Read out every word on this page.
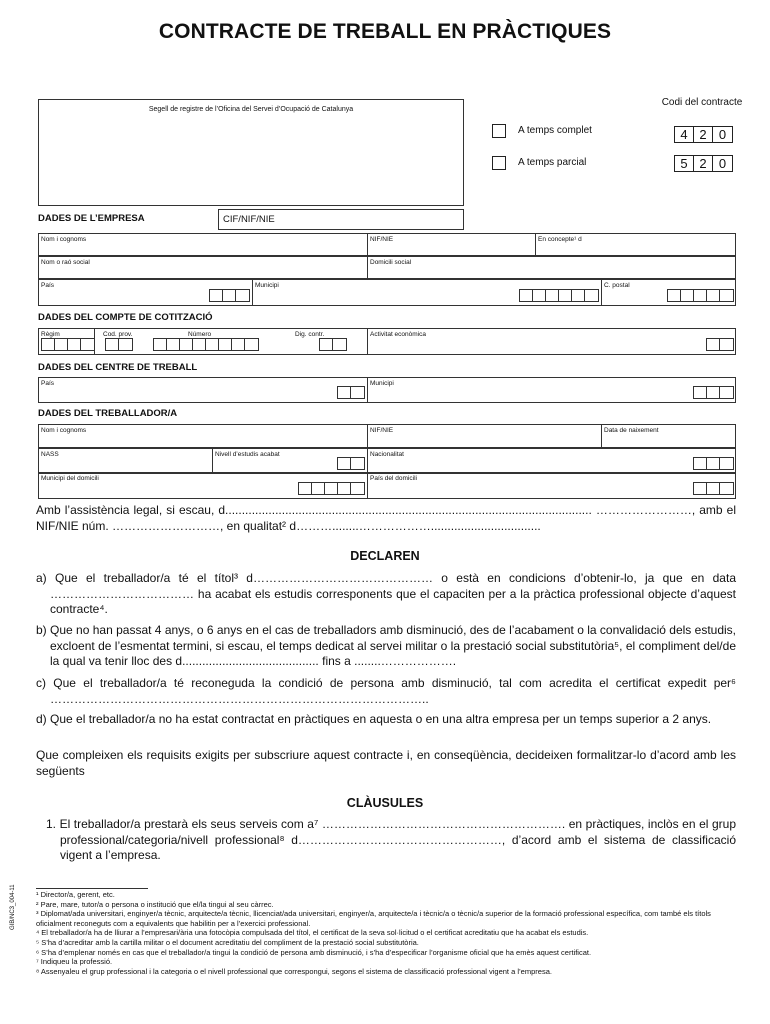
CONTRACTE DE TREBALL EN PRÀCTIQUES
Segell de registre de l’Oficina del Servei d’Ocupació de Catalunya
Codi del contracte
A temps complet	4 2 0
A temps parcial	5 2 0
DADES DE L’EMPRESA	CIF/NIF/NIE
Nom i cognoms	NIF/NIE	En concepte¹ d
Nom o raó social	Domicili social
País	Municipi	C. postal
DADES DEL COMPTE DE COTITZACIÓ
Règim	Cod. prov.	Número	Dig. contr.	Activitat econòmica
DADES DEL CENTRE DE TREBALL
País	Municipi
DADES DEL TREBALLADOR/A
Nom i cognoms	NIF/NIE	Data de naixement
NASS	Nivell d’estudis acabat	Nacionalitat
Municipi del domicili	País del domicili
Amb l’assistència legal, si escau, d.............................................................................................................. ……………………, amb el NIF/NIE núm. ………………………, en qualitat² d………........……………….................................
DECLAREN
a) Que el treballador/a té el títol³ d……………………………………… o està en condicions d’obtenir-lo, ja que en data ……………………………… ha acabat els estudis corresponents que el capaciten per a la pràctica professional objecte d’aquest contracte⁴.
b) Que no han passat 4 anys, o 6 anys en el cas de treballadors amb disminució, des de l’acabament o la convalidació dels estudis, excloent de l’esmentat termini, si escau, el temps dedicat al servei militar o la prestació social substitutòria⁵, el compliment del/de la qual va tenir lloc des d......................................... fins a ........……………….
c) Que el treballador/a té reconeguda la condició de persona amb disminució, tal com acredita el certificat expedit per⁶ …………………………………………………………………………………..
d) Que el treballador/a no ha estat contractat en pràctiques en aquesta o en una altra empresa per un temps superior a 2 anys.
Que compleixen els requisits exigits per subscriure aquest contracte i, en conseqüència, decideixen formalitzar-lo d’acord amb les següents
CLÀUSULES
1. El treballador/a prestarà els seus serveis com a⁷ ……………………………………………………. en pràctiques, inclòs en el grup professional/categoria/nivell professional⁸ d……………………………………………, d’acord amb el sistema de classificació vigent a l’empresa.
¹ Director/a, gerent, etc.
² Pare, mare, tutor/a o persona o institució que el/la tingui al seu càrrec.
³ Diplomat/ada universitari, enginyer/a tècnic, arquitecte/a tècnic, llicenciat/ada universitari, enginyer/a, arquitecte/a i tècnic/a o tècnic/a superior de la formació professional específica, com també els títols oficialment reconeguts com a equivalents que habilitin per a l’exercici professional.
⁴ El treballador/a ha de lliurar a l’empresari/ària una fotocòpia compulsada del títol, el certificat de la seva sol·licitud o el certificat acreditatiu que ha acabat els estudis.
⁵ S’ha d’acreditar amb la cartilla militar o el document acreditatiu del compliment de la prestació social substitutòria.
⁶ S’ha d’emplenar només en cas que el treballador/a tingui la condició de persona amb disminució, i s’ha d’especificar l’organisme oficial que ha emès aquest certificat.
⁷ Indiqueu la professió.
⁸ Assenyaleu el grup professional i la categoria o el nivell professional que correspongui, segons el sistema de classificació professional vigent a l’empresa.
GIB/NC3_004-11
